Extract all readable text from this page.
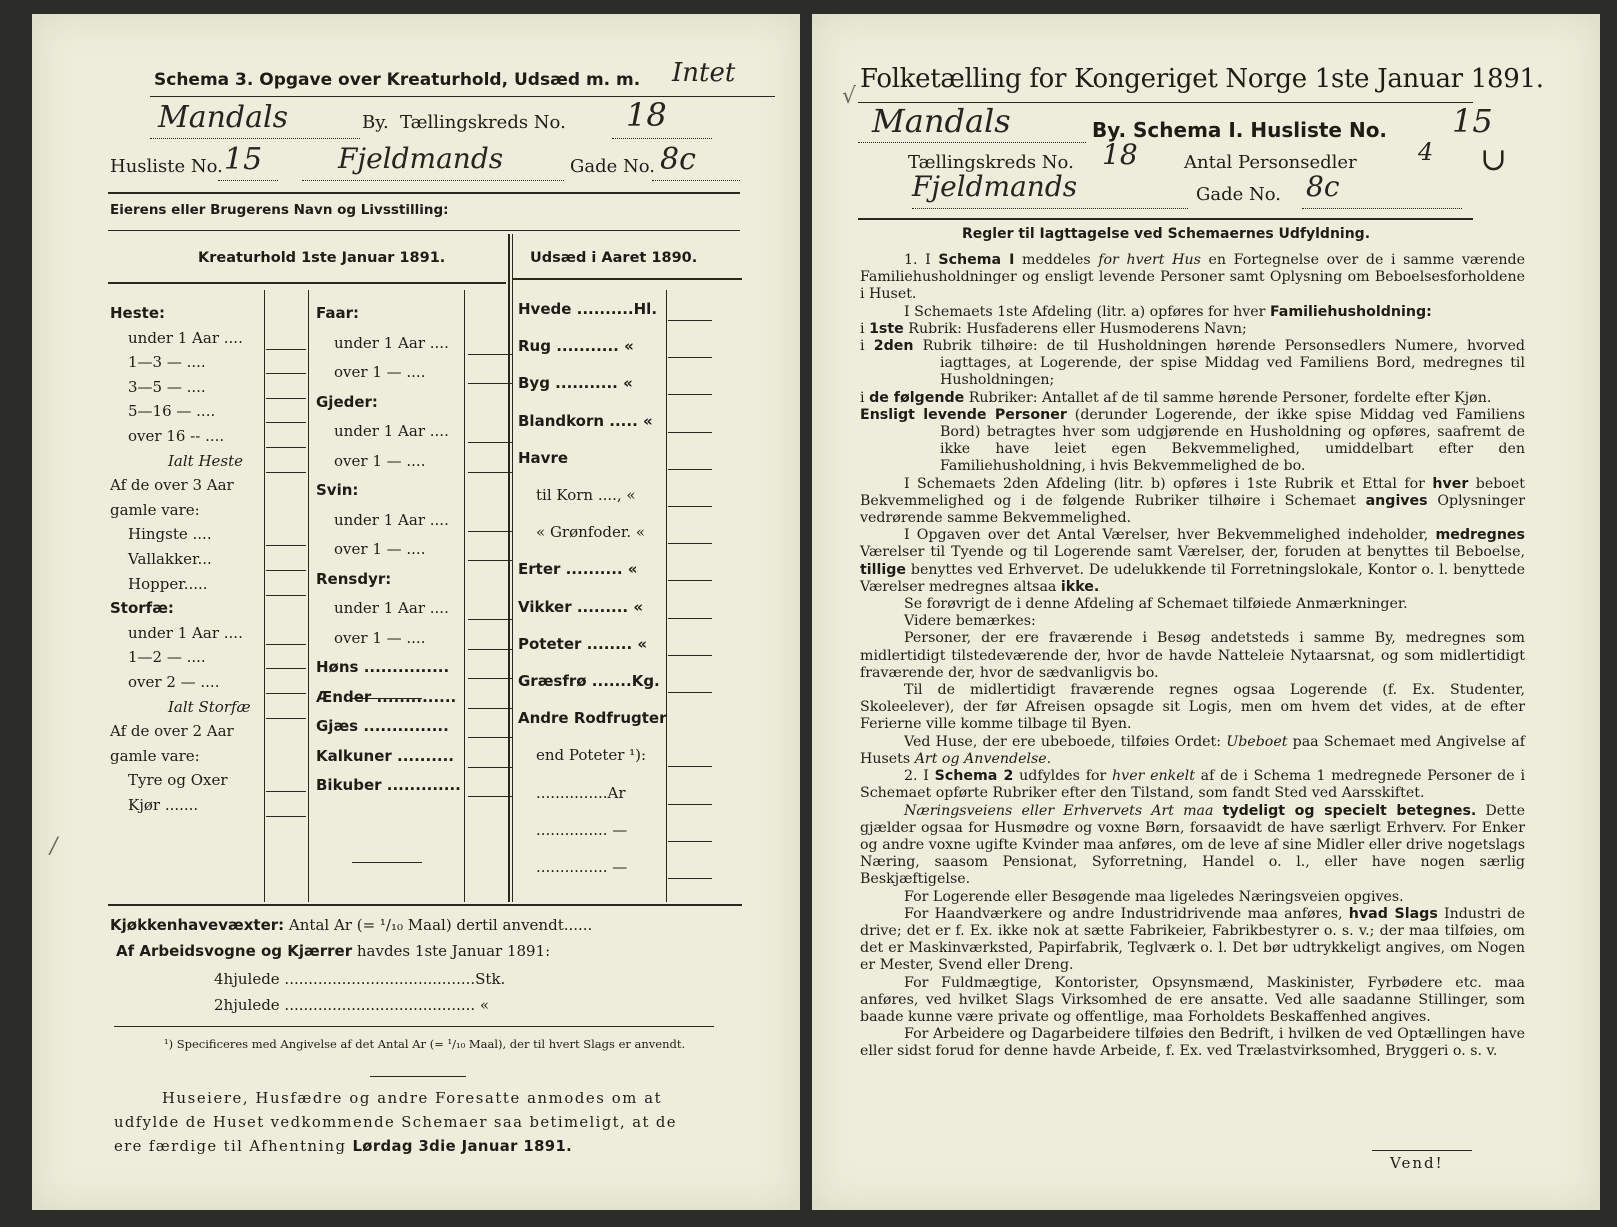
Schema 3. Opgave over Kreaturhold, Udsæd m. m. Intet
Mandals	By. Tællingskreds No. 18
Husliste No. 15	Fjeldmands	Gade No. 8c
Eierens eller Brugerens Navn og Livsstilling:
Kreaturhold 1ste Januar 1891.	Udsæd i Aaret 1890.
Kjøkkenhavevæxter: Antal Ar (= ¹/₁₀ Maal) dertil anvendt......
Af Arbeidsvogne og Kjærrer havdes 1ste Januar 1891:
4hjulede ........................................Stk.
2hjulede ........................................ «
¹) Specificeres med Angivelse af det Antal Ar (= ¹/₁₀ Maal), der til hvert Slags er anvendt.
Huseiere, Husfædre og andre Foresatte anmodes om at
udfylde de Huset vedkommende Schemaer saa betimeligt, at de
ere færdige til Afhentning Lørdag 3die Januar 1891.
/
Heste:
under 1 Aar ....
1—3 — ....
3—5 — ....
5—16 — ....
over 16 -- ....
Ialt Heste
Af de over 3 Aar
gamle vare:
Hingste ....
Vallakker...
Hopper.....
Storfæ:
under 1 Aar ....
1—2 — ....
over 2 — ....
Ialt Storfæ
Af de over 2 Aar
gamle vare:
Tyre og Oxer
Kjør .......
Faar:
under 1 Aar ....
over 1 — ....
Gjeder:
under 1 Aar ....
over 1 — ....
Svin:
under 1 Aar ....
over 1 — ....
Rensdyr:
under 1 Aar ....
over 1 — ....
Høns ...............
Ænder ..............
Gjæs ...............
Kalkuner ..........
Bikuber .............
Hvede ..........Hl.
Rug ........... «
Byg ........... «
Blandkorn ..... «
Havre
til Korn ...., «
« Grønfoder. «
Erter .......... «
Vikker ......... «
Poteter ........ «
Græsfrø .......Kg.
Andre Rodfrugter
end Poteter ¹):
...............Ar
............... —
............... —
√
Folketælling for Kongeriget Norge 1ste Januar 1891.
Mandals	By. Schema I. Husliste No. 15
Tællingskreds No. 18	Antal Personsedler	4 ∪
Fjeldmands	Gade No. 8c
Regler til Iagttagelse ved Schemaernes Udfyldning.

1. I Schema I meddeles for hvert Hus en Fortegnelse over de i samme værende Familiehusholdninger og ensligt levende Personer samt Oplysning om Beboelsesforholdene i Huset.

I Schemaets 1ste Afdeling (litr. a) opføres for hver Familiehusholdning:

i 1ste Rubrik: Husfaderens eller Husmoderens Navn;

i 2den Rubrik tilhøire: de til Husholdningen hørende Personsedlers Numere, hvorved iagttages, at Logerende, der spise Middag ved Familiens Bord, medregnes til Husholdningen;

i de følgende Rubriker: Antallet af de til samme hørende Personer, fordelte efter Kjøn.

Ensligt levende Personer (derunder Logerende, der ikke spise Middag ved Familiens Bord) betragtes hver som udgjørende en Husholdning og opføres, saafremt de ikke have leiet egen Bekvemmelighed, umiddelbart efter den Familiehusholdning, i hvis Bekvemmelighed de bo.

I Schemaets 2den Afdeling (litr. b) opføres i 1ste Rubrik et Ettal for hver beboet Bekvemmelighed og i de følgende Rubriker tilhøire i Schemaet angives Oplysninger vedrørende samme Bekvemmelighed.

I Opgaven over det Antal Værelser, hver Bekvemmelighed indeholder, medregnes Værelser til Tyende og til Logerende samt Værelser, der, foruden at benyttes til Beboelse, tillige benyttes ved Erhvervet. De udelukkende til Forretningslokale, Kontor o. l. benyttede Værelser medregnes altsaa ikke.

Se forøvrigt de i denne Afdeling af Schemaet tilføiede Anmærkninger.

Videre bemærkes:

Personer, der ere fraværende i Besøg andetsteds i samme By, medregnes som midlertidigt tilstedeværende der, hvor de havde Natteleie Nytaarsnat, og som midlertidigt fraværende der, hvor de sædvanligvis bo.

Til de midlertidigt fraværende regnes ogsaa Logerende (f. Ex. Studenter, Skoleelever), der før Afreisen opsagde sit Logis, men om hvem det vides, at de efter Ferierne ville komme tilbage til Byen.

Ved Huse, der ere ubeboede, tilføies Ordet: Ubeboet paa Schemaet med Angivelse af Husets Art og Anvendelse.

2. I Schema 2 udfyldes for hver enkelt af de i Schema 1 medregnede Personer de i Schemaet opførte Rubriker efter den Tilstand, som fandt Sted ved Aarsskiftet.

Næringsveiens eller Erhvervets Art maa tydeligt og specielt betegnes. Dette gjælder ogsaa for Husmødre og voxne Børn, forsaavidt de have særligt Erhverv. For Enker og andre voxne ugifte Kvinder maa anføres, om de leve af sine Midler eller drive nogetslags Næring, saasom Pensionat, Syforretning, Handel o. l., eller have nogen særlig Beskjæftigelse.

For Logerende eller Besøgende maa ligeledes Næringsveien opgives.

For Haandværkere og andre Industridrivende maa anføres, hvad Slags Industri de drive; det er f. Ex. ikke nok at sætte Fabrikeier, Fabrikbestyrer o. s. v.; der maa tilføies, om det er Maskinværksted, Papirfabrik, Teglværk o. l. Det bør udtrykkeligt angives, om Nogen er Mester, Svend eller Dreng.

For Fuldmægtige, Kontorister, Opsynsmænd, Maskinister, Fyrbødere etc. maa anføres, ved hvilket Slags Virksomhed de ere ansatte. Ved alle saadanne Stillinger, som baade kunne være private og offentlige, maa Forholdets Beskaffenhed angives.

For Arbeidere og Dagarbeidere tilføies den Bedrift, i hvilken de ved Optællingen have eller sidst forud for denne havde Arbeide, f. Ex. ved Trælastvirksomhed, Bryggeri o. s. v.

Vend!
